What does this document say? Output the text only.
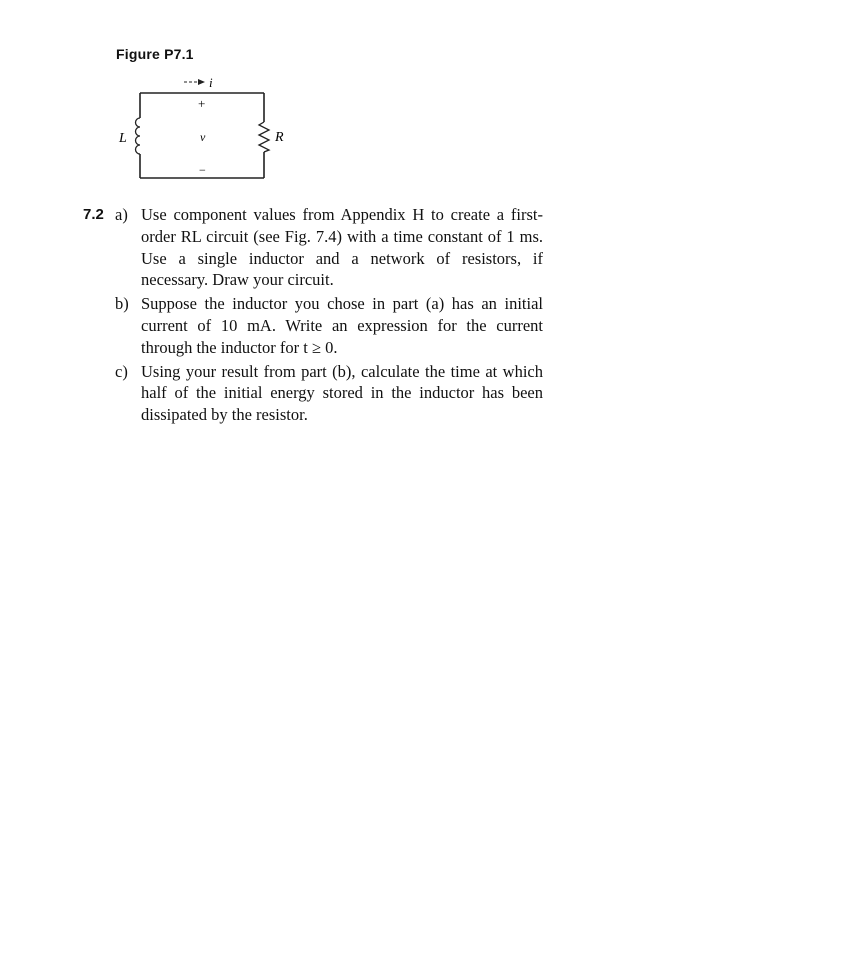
Figure P7.1
i
L	R
+
v
−
7.2 a) Use component values from Appendix H to create a first-order RL circuit (see Fig. 7.4) with a time constant of 1 ms. Use a single inductor and a network of resistors, if necessary. Draw your circuit.
b) Suppose the inductor you chose in part (a) has an initial current of 10 mA. Write an expression for the current through the inductor for t ≥ 0.
c) Using your result from part (b), calculate the time at which half of the initial energy stored in the inductor has been dissipated by the resistor.
